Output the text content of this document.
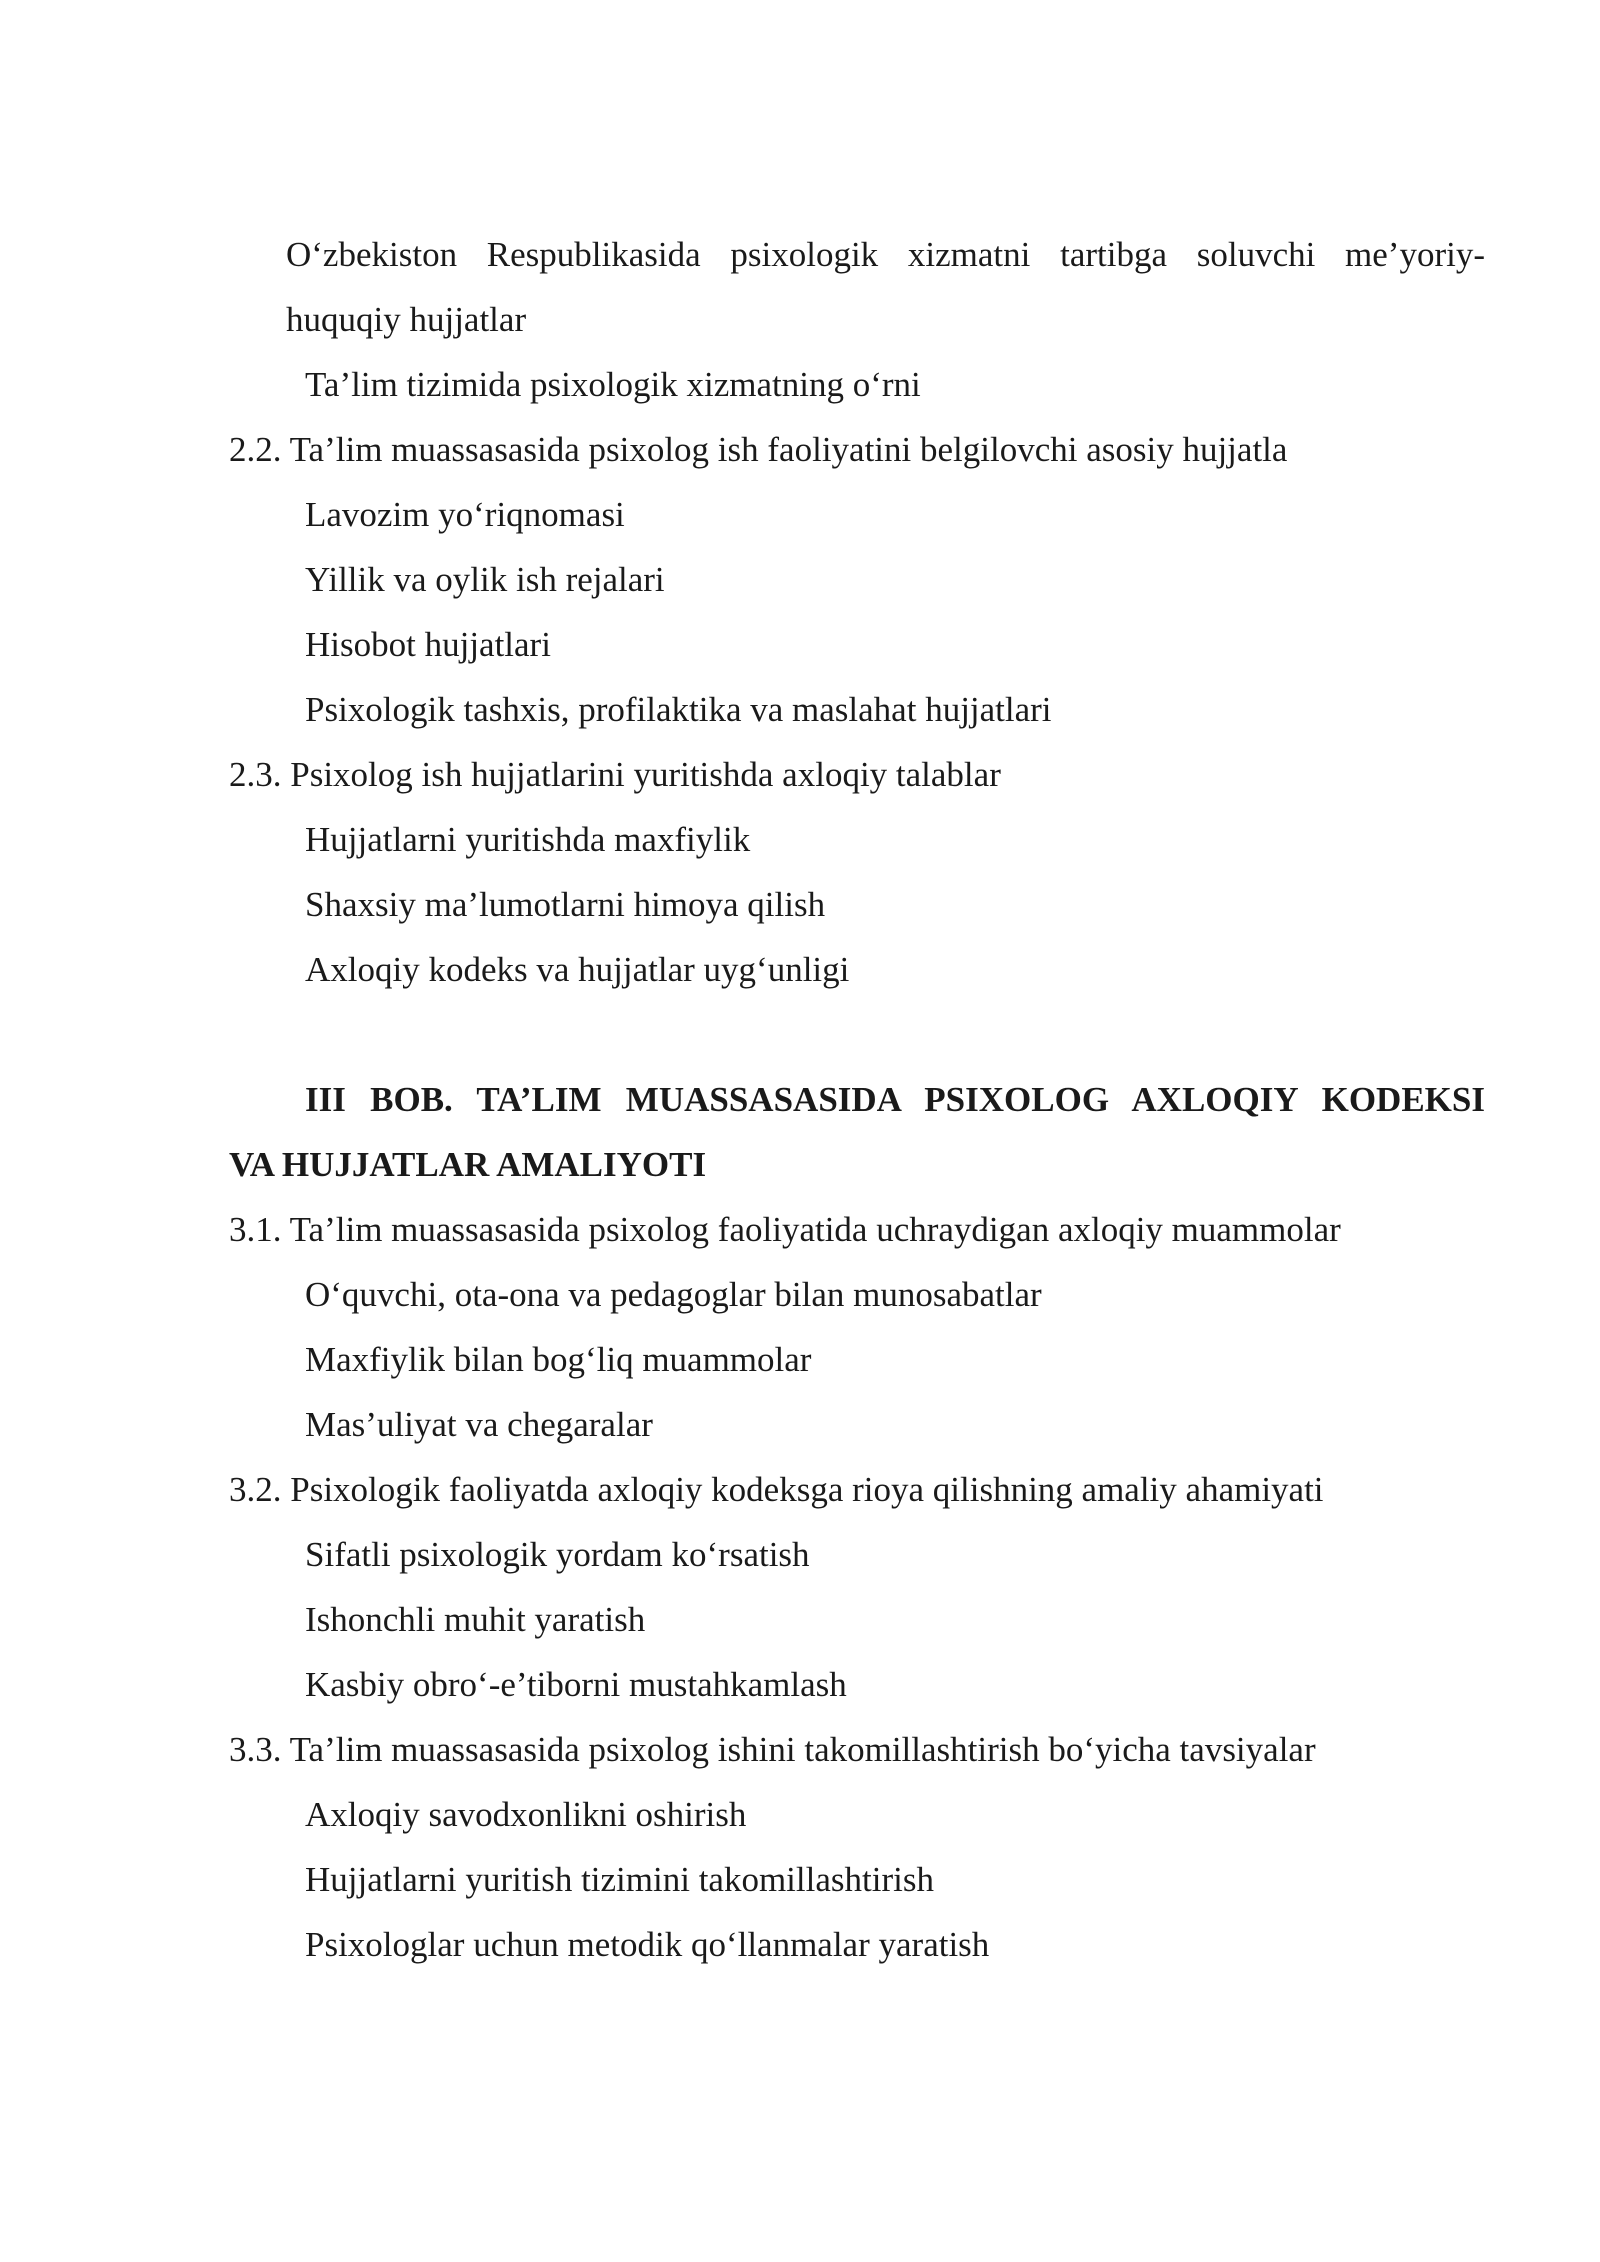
O‘zbekiston Respublikasida psixologik xizmatni tartibga soluvchi me’yoriy-
huquqiy hujjatlar
Ta’lim tizimida psixologik xizmatning o‘rni
2.2. Ta’lim muassasasida psixolog ish faoliyatini belgilovchi asosiy hujjatla
Lavozim yo‘riqnomasi
Yillik va oylik ish rejalari
Hisobot hujjatlari
Psixologik tashxis, profilaktika va maslahat hujjatlari
2.3. Psixolog ish hujjatlarini yuritishda axloqiy talablar
Hujjatlarni yuritishda maxfiylik
Shaxsiy ma’lumotlarni himoya qilish
Axloqiy kodeks va hujjatlar uyg‘unligi
III BOB. TA’LIM MUASSASASIDA PSIXOLOG AXLOQIY KODEKSI
VA HUJJATLAR AMALIYOTI
3.1. Ta’lim muassasasida psixolog faoliyatida uchraydigan axloqiy muammolar
O‘quvchi, ota-ona va pedagoglar bilan munosabatlar
Maxfiylik bilan bog‘liq muammolar
Mas’uliyat va chegaralar
3.2. Psixologik faoliyatda axloqiy kodeksga rioya qilishning amaliy ahamiyati
Sifatli psixologik yordam ko‘rsatish
Ishonchli muhit yaratish
Kasbiy obro‘-e’tiborni mustahkamlash
3.3. Ta’lim muassasasida psixolog ishini takomillashtirish bo‘yicha tavsiyalar
Axloqiy savodxonlikni oshirish
Hujjatlarni yuritish tizimini takomillashtirish
Psixologlar uchun metodik qo‘llanmalar yaratish
